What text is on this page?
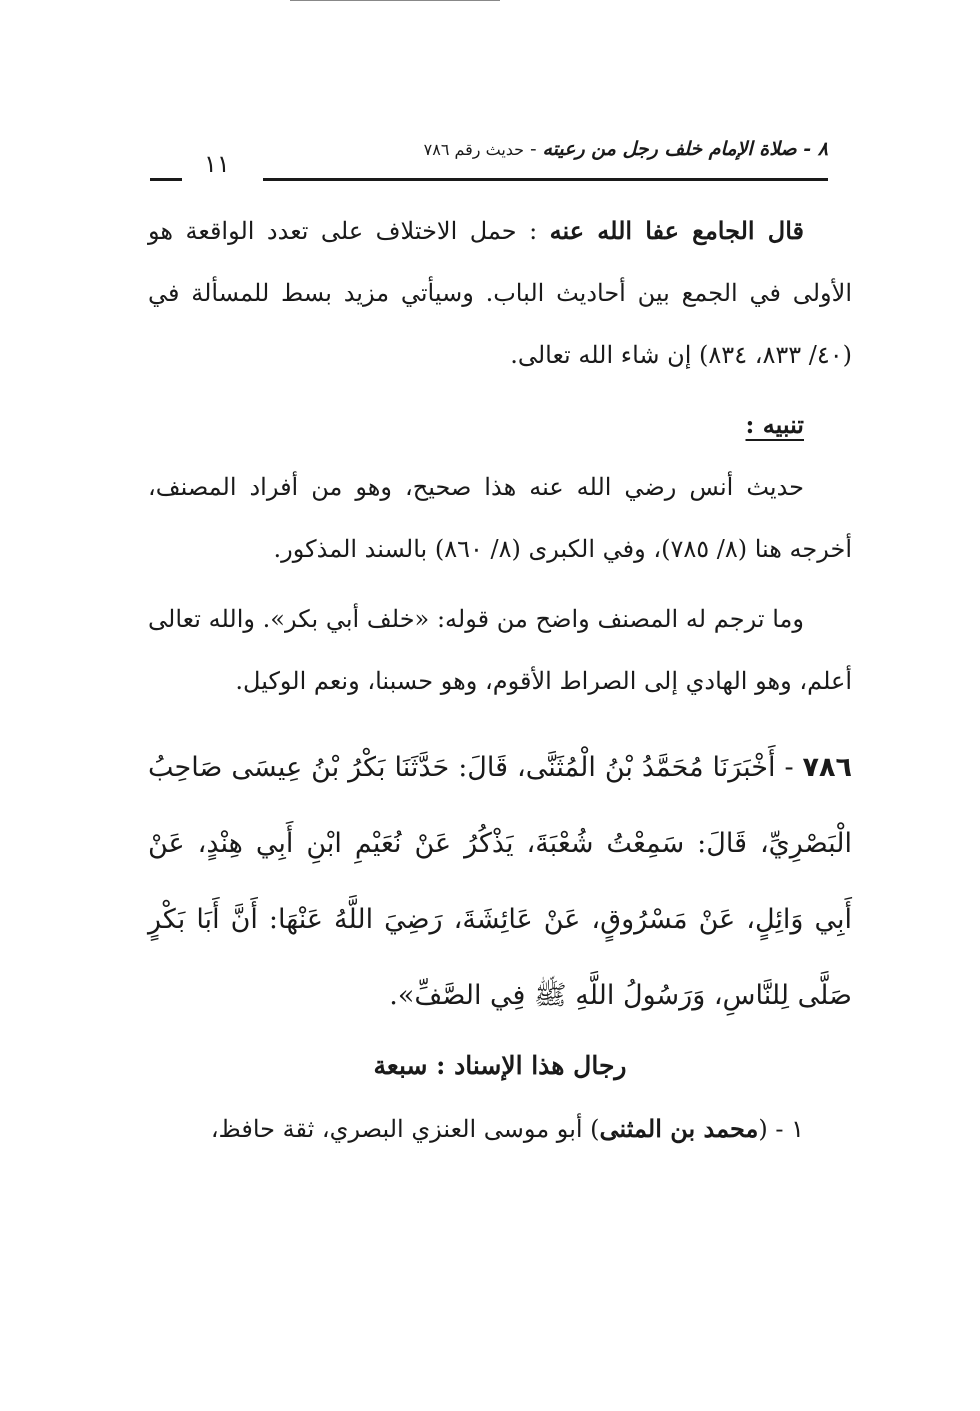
٨ - صلاة الإمام خلف رجل من رعيته-حديث رقم ٧٨٦
١١

قال الجامع عفا الله عنه : حمل الاختلاف على تعدد الواقعة هو الأولى في الجمع بين أحاديث الباب. وسيأتي مزيد بسط للمسألة في (٤٠/ ٨٣٣، ٨٣٤) إن شاء الله تعالى.

تنبيه :

حديث أنس رضي الله عنه هذا صحيح، وهو من أفراد المصنف، أخرجه هنا (٨/ ٧٨٥)، وفي الكبرى (٨/ ٨٦٠) بالسند المذكور.

وما ترجم له المصنف واضح من قوله: «خلف أبي بكر». والله تعالى أعلم، وهو الهادي إلى الصراط الأقوم، وهو حسبنا، ونعم الوكيل.

٧٨٦ - أَخْبَرَنَا مُحَمَّدُ بْنُ الْمُثَنَّى، قَالَ: حَدَّثَنَا بَكْرُ بْنُ عِيسَى صَاحِبُ الْبَصْرِيِّ، قَالَ: سَمِعْتُ شُعْبَةَ، يَذْكُرُ عَنْ نُعَيْمِ ابْنِ أَبِي هِنْدٍ، عَنْ أَبِي وَائِلٍ، عَنْ مَسْرُوقٍ، عَنْ عَائِشَةَ، رَضِيَ اللَّهُ عَنْهَا: أَنَّ أَبَا بَكْرٍ صَلَّى لِلنَّاسِ، وَرَسُولُ اللَّهِ ﷺ فِي الصَّفِّ».

رجال هذا الإسناد : سبعة

١ - (محمد بن المثنى) أبو موسى العنزي البصري، ثقة حافظ،
